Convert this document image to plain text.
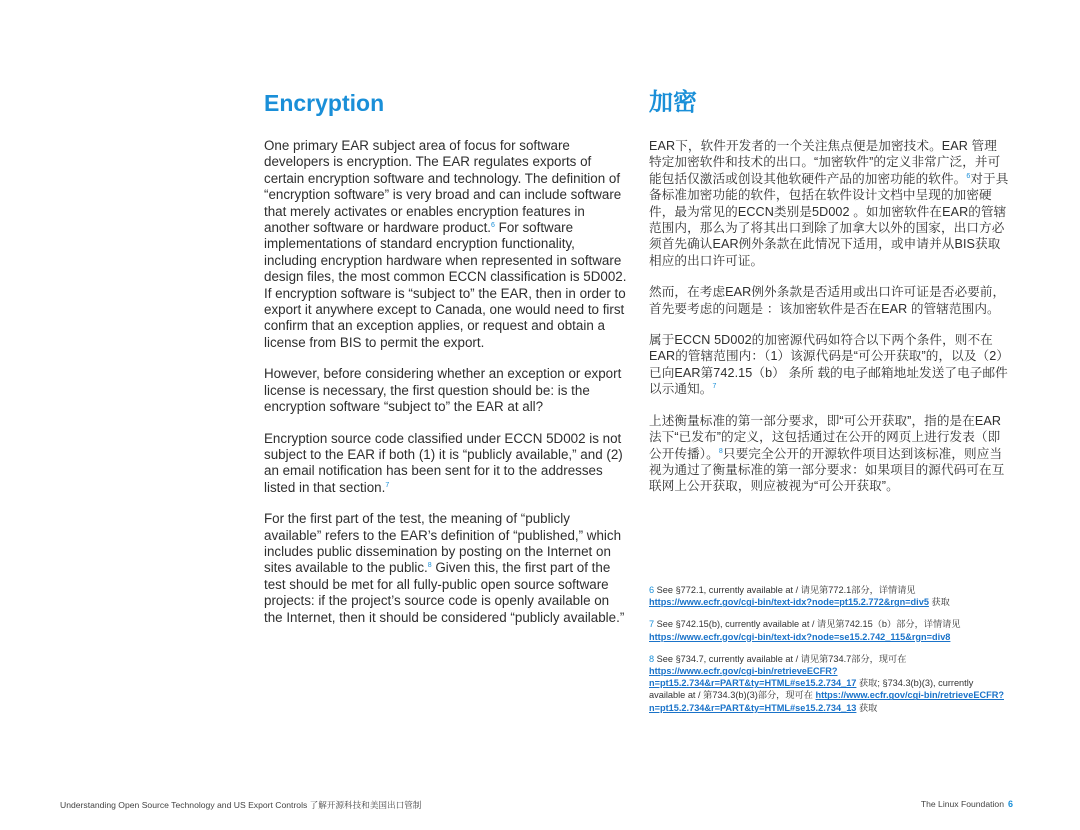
Encryption

One primary EAR subject area of focus for software developers is encryption. The EAR regulates exports of certain encryption software and technology. The definition of “encryption software” is very broad and can include software that merely activates or enables encryption features in another software or hardware product.$^6$ For software implementations of standard encryption functionality, including encryption hardware when represented in software design files, the most common ECCN classification is 5D002. If encryption software is “subject to” the EAR, then in order to export it anywhere except to Canada, one would need to first confirm that an exception applies, or request and obtain a license from BIS to permit the export.

However, before considering whether an exception or export license is necessary, the first question should be: is the encryption software “subject to” the EAR at all?

Encryption source code classified under ECCN 5D002 is not subject to the EAR if both (1) it is “publicly available,” and (2) an email notification has been sent for it to the addresses listed in that section.$^7$

For the first part of the test, the meaning of “publicly available” refers to the EAR’s definition of “published,” which includes public dissemination by posting on the Internet on sites available to the public.$^8$ Given this, the first part of the test should be met for all fully-public open source software projects: if the project’s source code is openly available on the Internet, then it should be considered “publicly available.”

加密

EAR下，软件开发者的一个关注焦点便是加密技术。EAR 管理特定加密软件和技术的出口。“加密软件”的定义非常广泛，并可能包括仅激活或创设其他软硬件产品的加密功能的软件。$^6$对于具备标准加密功能的软件，包括在软件设计文档中呈现的加密硬件，最为常见的ECCN类别是5D002 。如加密软件在EAR的管辖范围内，那么为了将其出口到除了加拿大以外的国家，出口方必须首先确认EAR例外条款在此情况下适用，或申请并从BIS获取相应的出口许可证。

然而，在考虑EAR例外条款是否适用或出口许可证是否必要前，首先要考虑的问题是 ：该加密软件是否在EAR 的管辖范围内。

属于ECCN 5D002的加密源代码如符合以下两个条件，则不在EAR的管辖范围内：（1）该源代码是“可公开获取”的，以及（2）已向EAR第742.15（b） 条所 载的电子邮箱地址发送了电子邮件以示通知。$^7$

上述衡量标准的第一部分要求，即“可公开获取”，指的是在EAR法下“已发布”的定义，这包括通过在公开的网页上进行发表（即公开传播）。$^8$只要完全公开的开源软件项目达到该标准，则应当视为通过了衡量标准的第一部分要求：如果项目的源代码可在互联网上公开获取，则应被视为“可公开获取”。

6 See §772.1, currently available at / 请见第772.1部分，详情请见 https://www.ecfr.gov/cgi-bin/text-idx?node=pt15.2.772&rgn=div5 获取

7 See §742.15(b), currently available at / 请见第742.15（b）部分，详情请见 https://www.ecfr.gov/cgi-bin/text-idx?node=se15.2.742_115&rgn=div8

8 See §734.7, currently available at / 请见第734.7部分，现可在 https://www.ecfr.gov/cgi-bin/retrieveECFR?n=pt15.2.734&r=PART&ty=HTML#se15.2.734_17 获取; §734.3(b)(3), currently available at / 第734.3(b)(3)部分，现可在 https://www.ecfr.gov/cgi-bin/retrieveECFR?n=pt15.2.734&r=PART&ty=HTML#se15.2.734_13 获取

Understanding Open Source Technology and US Export Controls 了解开源科技和美国出口管制	The Linux Foundation 6
